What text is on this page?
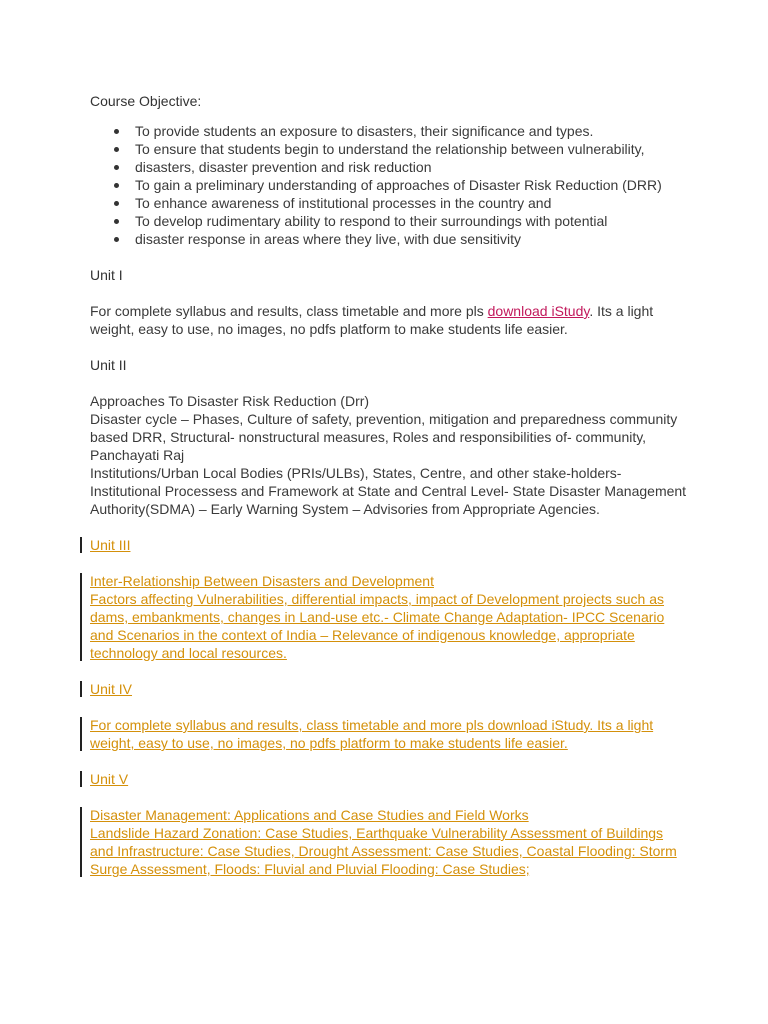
Course Objective:
To provide students an exposure to disasters, their significance and types.
To ensure that students begin to understand the relationship between vulnerability,
disasters, disaster prevention and risk reduction
To gain a preliminary understanding of approaches of Disaster Risk Reduction (DRR)
To enhance awareness of institutional processes in the country and
To develop rudimentary ability to respond to their surroundings with potential
disaster response in areas where they live, with due sensitivity
Unit I
For complete syllabus and results, class timetable and more pls download iStudy. Its a light weight, easy to use, no images, no pdfs platform to make students life easier.
Unit II
Approaches To Disaster Risk Reduction (Drr)
Disaster cycle – Phases, Culture of safety, prevention, mitigation and preparedness community based DRR, Structural- nonstructural measures, Roles and responsibilities of- community, Panchayati Raj
Institutions/Urban Local Bodies (PRIs/ULBs), States, Centre, and other stake-holders- Institutional Processess and Framework at State and Central Level- State Disaster Management Authority(SDMA) – Early Warning System – Advisories from Appropriate Agencies.
Unit III
Inter-Relationship Between Disasters and Development
Factors affecting Vulnerabilities, differential impacts, impact of Development projects such as dams, embankments, changes in Land-use etc.- Climate Change Adaptation- IPCC Scenario and Scenarios in the context of India – Relevance of indigenous knowledge, appropriate technology and local resources.
Unit IV
For complete syllabus and results, class timetable and more pls download iStudy. Its a light weight, easy to use, no images, no pdfs platform to make students life easier.
Unit V
Disaster Management: Applications and Case Studies and Field Works
Landslide Hazard Zonation: Case Studies, Earthquake Vulnerability Assessment of Buildings and Infrastructure: Case Studies, Drought Assessment: Case Studies, Coastal Flooding: Storm Surge Assessment, Floods: Fluvial and Pluvial Flooding: Case Studies;
